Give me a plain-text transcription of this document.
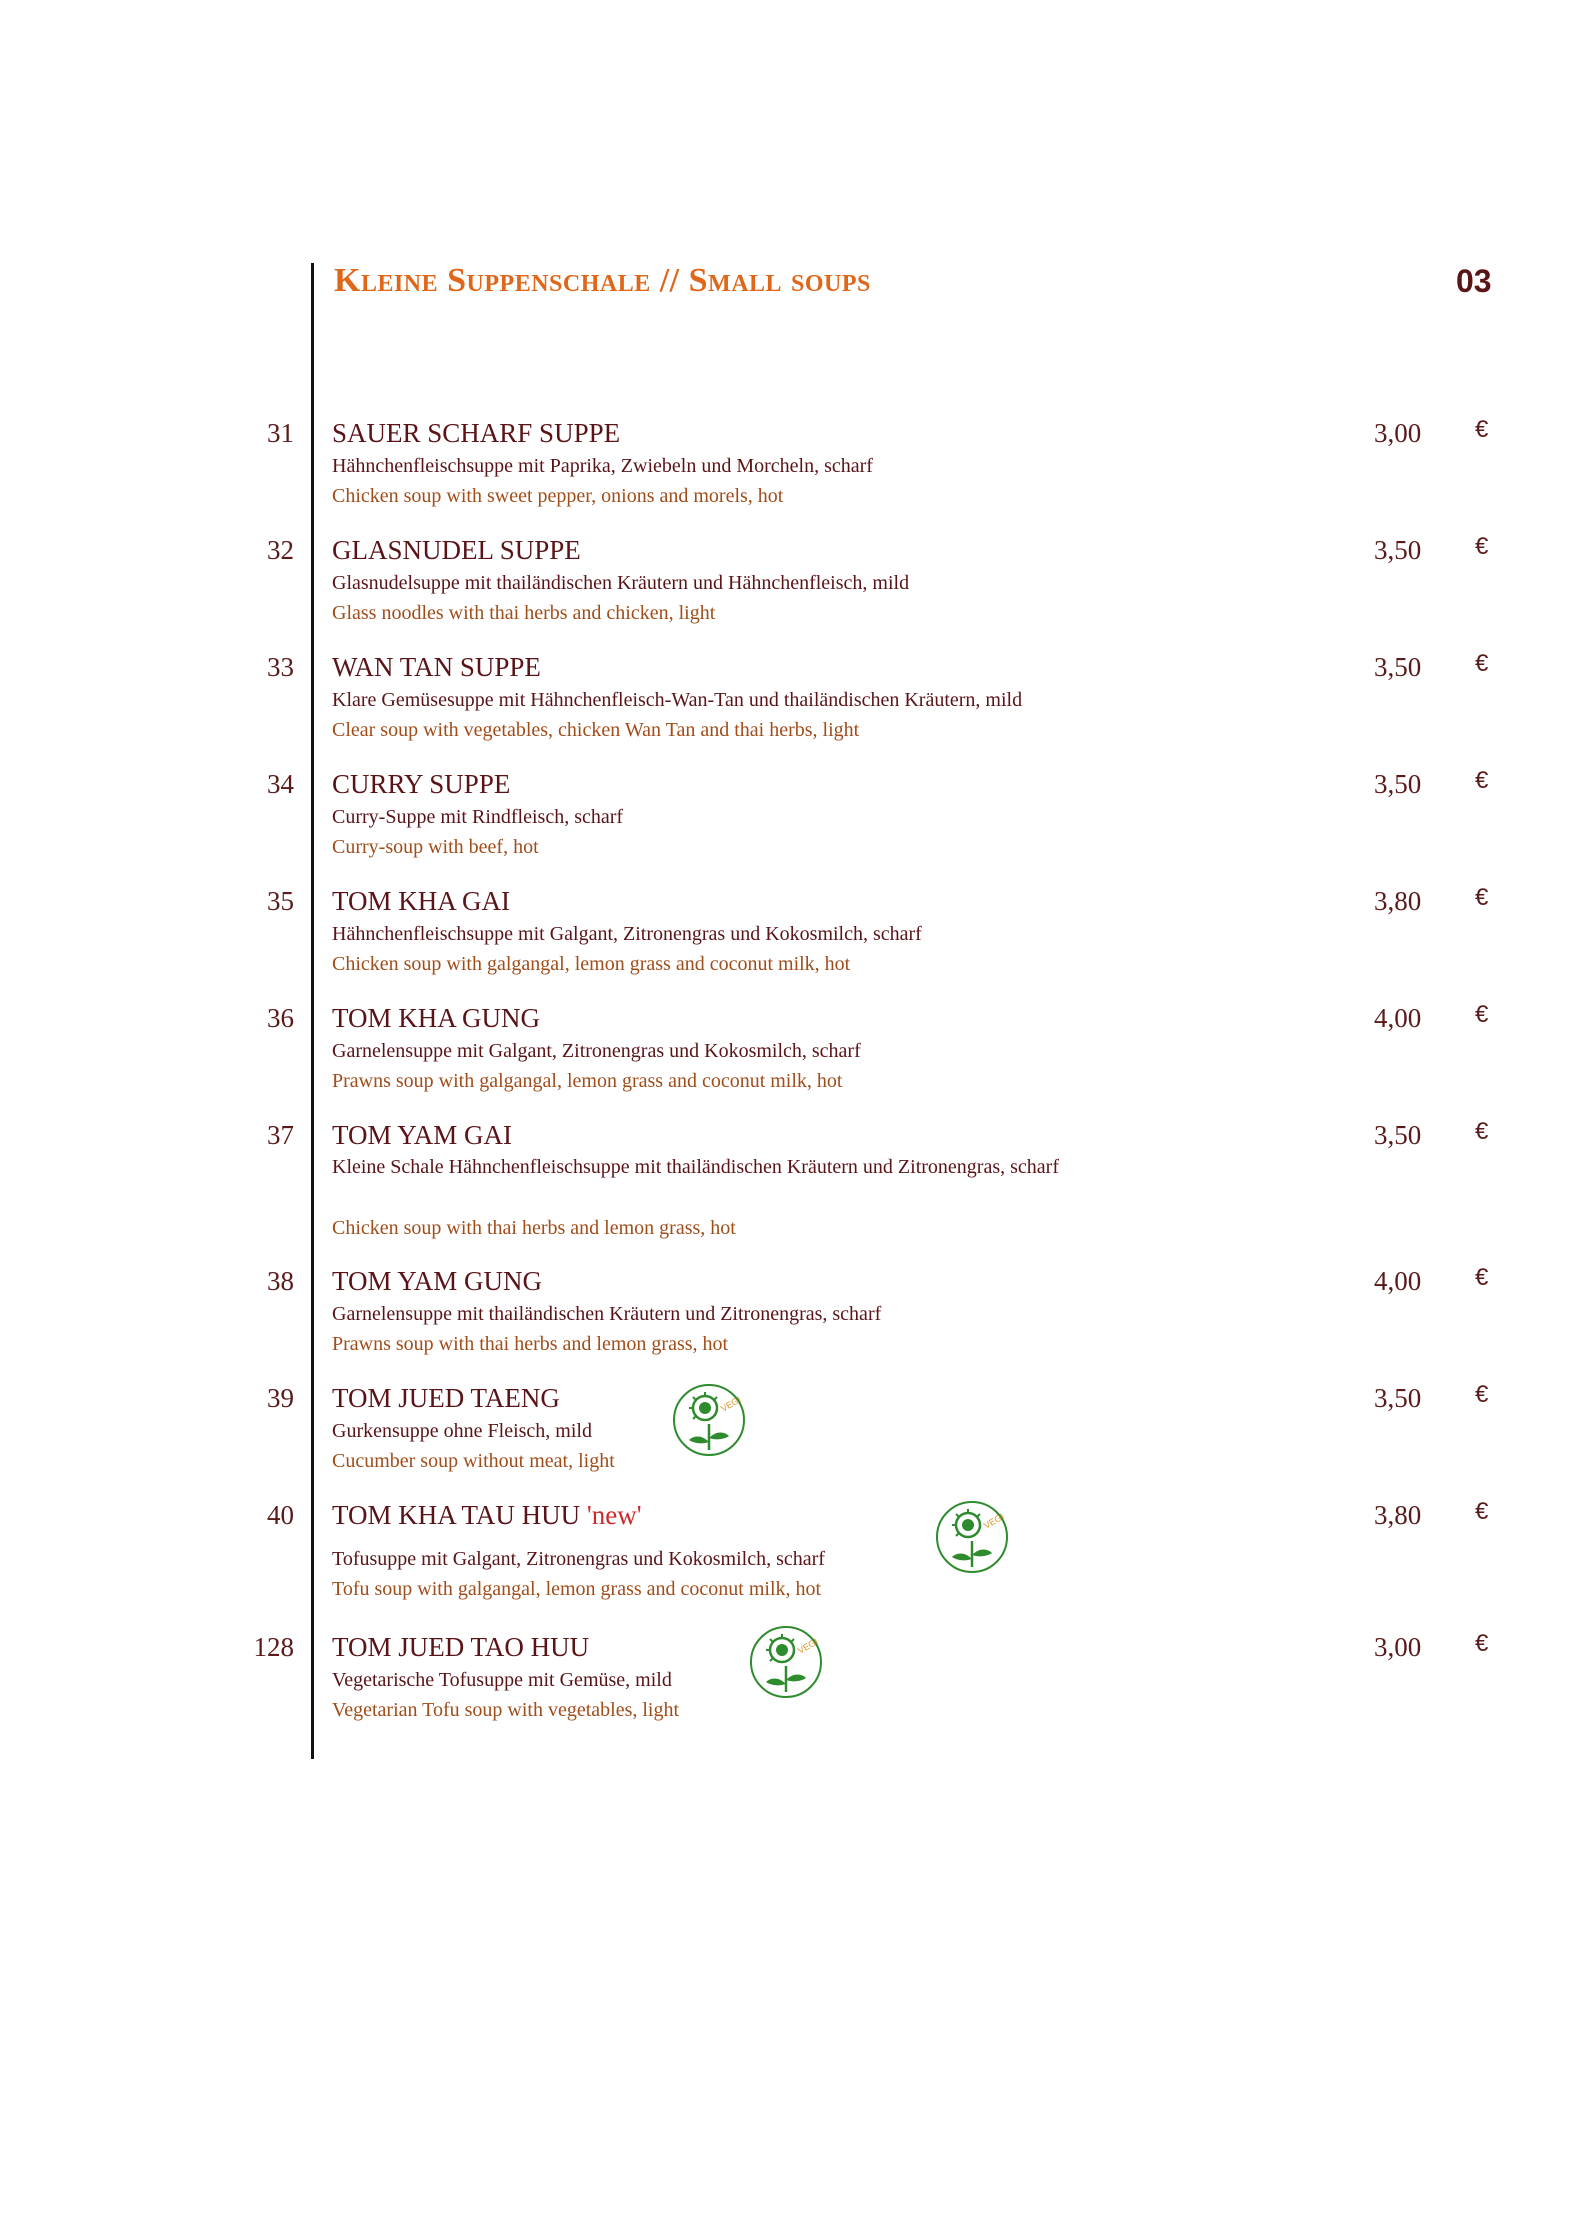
Kleine Suppenschale // Small soups	03
31 SAUER SCHARF SUPPE
Hähnchenfleischsuppe mit Paprika, Zwiebeln und Morcheln, scharf
Chicken soup with sweet pepper, onions and morels, hot
3,00 €
32 GLASNUDEL SUPPE
Glasnudelsuppe mit thailändischen Kräutern und Hähnchenfleisch, mild
Glass noodles with thai herbs and chicken, light
3,50 €
33 WAN TAN SUPPE
Klare Gemüsesuppe mit Hähnchenfleisch-Wan-Tan und thailändischen Kräutern, mild
Clear soup with vegetables, chicken Wan Tan and thai herbs, light
3,50 €
34 CURRY SUPPE
Curry-Suppe mit Rindfleisch, scharf
Curry-soup with beef, hot
3,50 €
35 TOM KHA GAI
Hähnchenfleischsuppe mit Galgant, Zitronengras und Kokosmilch, scharf
Chicken soup with galgangal, lemon grass and coconut milk, hot
3,80 €
36 TOM KHA GUNG
Garnelensuppe mit Galgant, Zitronengras und Kokosmilch, scharf
Prawns soup with galgangal, lemon grass and coconut milk, hot
4,00 €
37 TOM YAM GAI
Kleine Schale Hähnchenfleischsuppe mit thailändischen Kräutern und Zitronengras, scharf
Chicken soup with thai herbs and lemon grass, hot
3,50 €
38 TOM YAM GUNG
Garnelensuppe mit thailändischen Kräutern und Zitronengras, scharf
Prawns soup with thai herbs and lemon grass, hot
4,00 €
39 TOM JUED TAENG
Gurkensuppe ohne Fleisch, mild
Cucumber soup without meat, light
3,50 €
VEGI
40 TOM KHA TAU HUU 'new'
Tofusuppe mit Galgant, Zitronengras und Kokosmilch, scharf
Tofu soup with galgangal, lemon grass and coconut milk, hot
3,80 €
VEGI
128 TOM JUED TAO HUU
Vegetarische Tofusuppe mit Gemüse, mild
Vegetarian Tofu soup with vegetables, light
3,00 €
VEGI
